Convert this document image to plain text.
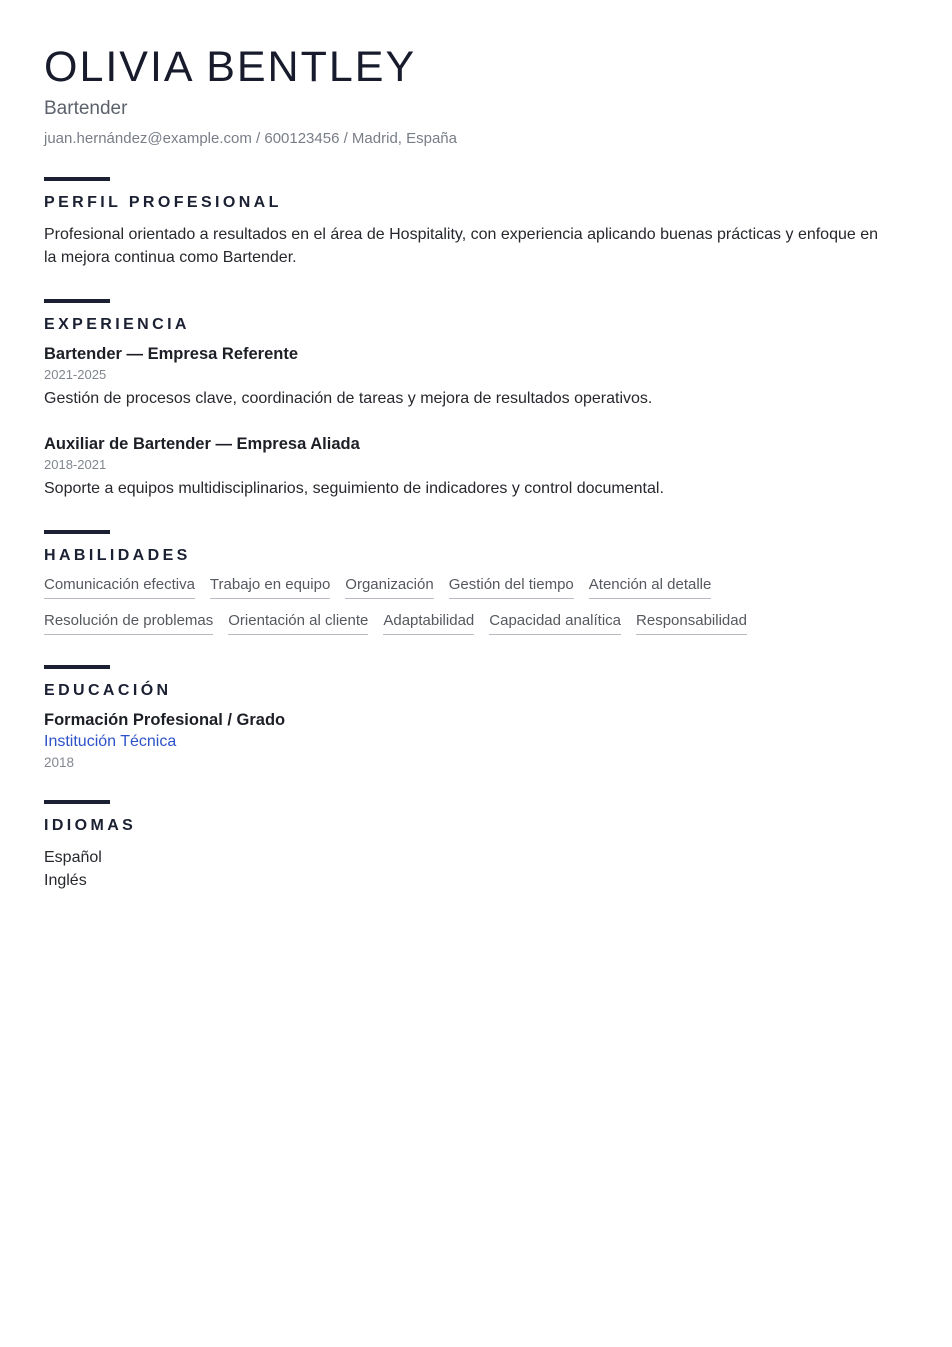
OLIVIA BENTLEY
Bartender
juan.hernández@example.com / 600123456 / Madrid, España
PERFIL PROFESIONAL

Profesional orientado a resultados en el área de Hospitality, con experiencia aplicando buenas prácticas y enfoque en la mejora continua como Bartender.

EXPERIENCIA
Bartender — Empresa Referente

2021-2025

Gestión de procesos clave, coordinación de tareas y mejora de resultados operativos.

Auxiliar de Bartender — Empresa Aliada

2018-2021

Soporte a equipos multidisciplinarios, seguimiento de indicadores y control documental.

HABILIDADES
Comunicación efectiva Trabajo en equipo Organización Gestión del tiempo Atención al detalle
Resolución de problemas Orientación al cliente Adaptabilidad Capacidad analítica Responsabilidad
EDUCACIÓN
Formación Profesional / Grado
Institución Técnica

2018

IDIOMAS

Español

Inglés
